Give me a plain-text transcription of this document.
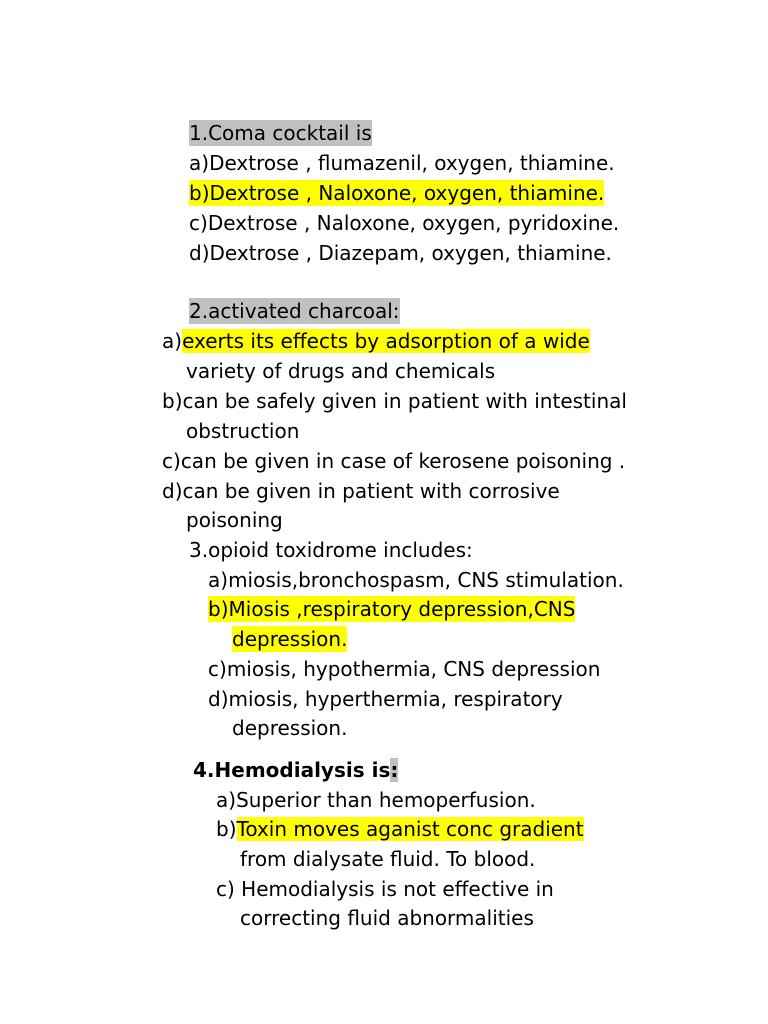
1.Coma cocktail is
a)Dextrose , flumazenil, oxygen, thiamine.
b)Dextrose , Naloxone, oxygen, thiamine.
c)Dextrose , Naloxone, oxygen, pyridoxine.
d)Dextrose , Diazepam, oxygen, thiamine.
2.activated charcoal:
a)exerts its effects by adsorption of a wide
variety of drugs and chemicals
b)can be safely given in patient with intestinal
obstruction
c)can be given in case of kerosene poisoning .
d)can be given in patient with corrosive
poisoning
3.opioid toxidrome includes:
a)miosis,bronchospasm, CNS stimulation.
b)Miosis ,respiratory depression,CNS
depression.
c)miosis, hypothermia, CNS depression
d)miosis, hyperthermia, respiratory
depression.
4.Hemodialysis is:
a)Superior than hemoperfusion.
b)Toxin moves aganist conc gradient
from dialysate fluid. To blood.
c) Hemodialysis is not effective in
correcting fluid abnormalities
